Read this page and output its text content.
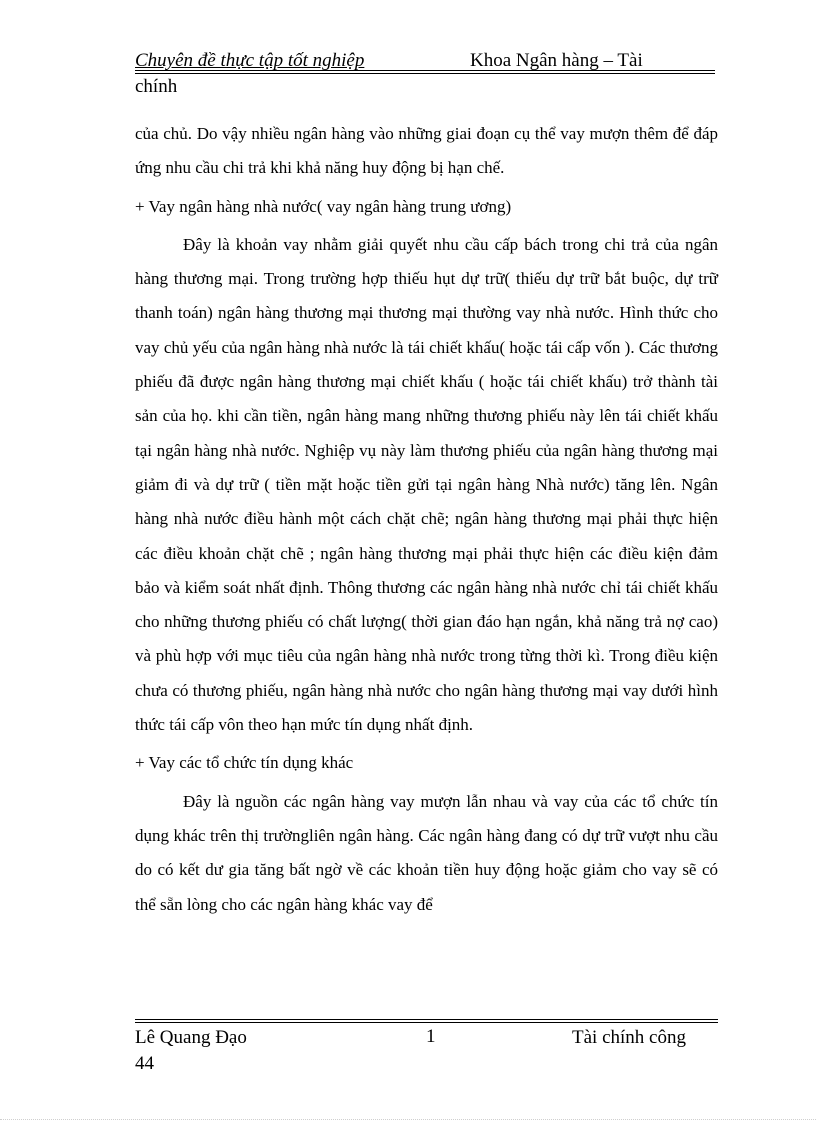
Chuyên đề thực tập tốt nghiệp	Khoa Ngân hàng – Tài
chính

của chủ. Do vậy nhiều ngân hàng vào những giai đoạn cụ thể vay mượn thêm để đáp ứng nhu cầu chi trả khi khả năng huy động bị hạn chế.

+ Vay ngân hàng nhà nước( vay ngân hàng trung ương)

Đây là khoản vay nhằm giải quyết nhu cầu cấp bách trong chi trả của ngân hàng thương mại. Trong trường hợp thiếu hụt dự trữ( thiếu dự trữ bắt buộc, dự trữ thanh toán) ngân hàng thương mại thương mại thường vay nhà nước. Hình thức cho vay chủ yếu của ngân hàng nhà nước là tái chiết khấu( hoặc tái cấp vốn ). Các thương phiếu đã được ngân hàng thương mại chiết khấu ( hoặc tái chiết khấu) trở thành tài sản của họ. khi cần tiền, ngân hàng mang những thương phiếu này lên tái chiết khấu tại ngân hàng nhà nước. Nghiệp vụ này làm thương phiếu của ngân hàng thương mại giảm đi và dự trữ ( tiền mặt hoặc tiền gửi tại ngân hàng Nhà nước) tăng lên. Ngân hàng nhà nước điều hành một cách chặt chẽ; ngân hàng thương mại phải thực hiện các điều khoản chặt chẽ ; ngân hàng thương mại phải thực hiện các điều kiện đảm bảo và kiểm soát nhất định. Thông thương các ngân hàng nhà nước chỉ tái chiết khấu cho những thương phiếu có chất lượng( thời gian đáo hạn ngắn, khả năng trả nợ cao) và phù hợp với mục tiêu của ngân hàng nhà nước trong từng thời kì. Trong điều kiện chưa có thương phiếu, ngân hàng nhà nước cho ngân hàng thương mại vay dưới hình thức tái cấp vôn theo hạn mức tín dụng nhất định.

+ Vay các tổ chức tín dụng khác

Đây là nguồn các ngân hàng vay mượn lẫn nhau và vay của các tổ chức tín dụng khác trên thị trườngliên ngân hàng. Các ngân hàng đang có dự trữ vượt nhu cầu do có kết dư gia tăng bất ngờ về các khoản tiền huy động hoặc giảm cho vay sẽ có thể sẵn lòng cho các ngân hàng khác vay để

Lê Quang Đạo	1	Tài chính công
44
